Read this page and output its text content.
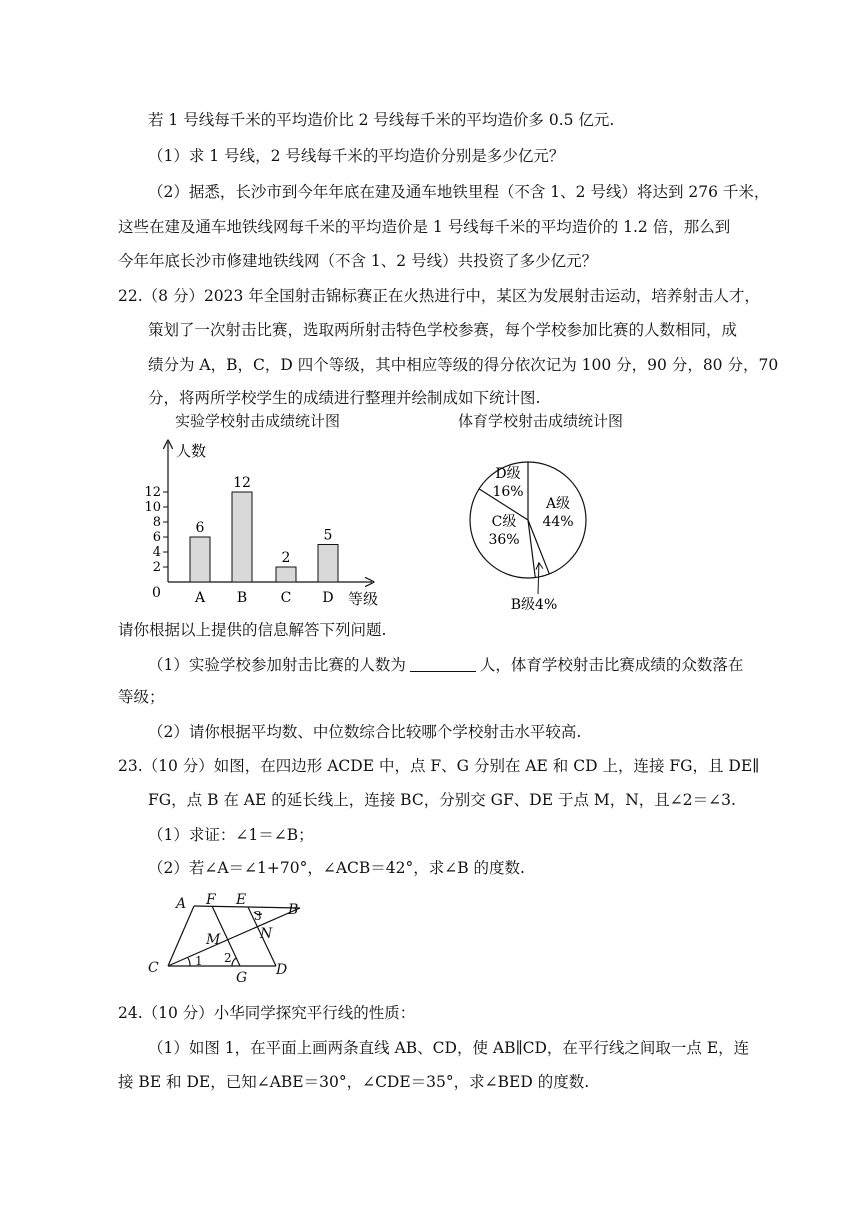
若 1 号线每千米的平均造价比 2 号线每千米的平均造价多 0.5 亿元.
（1）求 1 号线，2 号线每千米的平均造价分别是多少亿元？
（2）据悉，长沙市到今年年底在建及通车地铁里程（不含 1、2 号线）将达到 276 千米，
这些在建及通车地铁线网每千米的平均造价是 1 号线每千米的平均造价的 1.2 倍，那么到
今年年底长沙市修建地铁线网（不含 1、2 号线）共投资了多少亿元？
22.（8 分）2023 年全国射击锦标赛正在火热进行中，某区为发展射击运动，培养射击人才，
策划了一次射击比赛，选取两所射击特色学校参赛，每个学校参加比赛的人数相同，成
绩分为 A，B，C，D 四个等级，其中相应等级的得分依次记为 100 分，90 分，80 分，70
分，将两所学校学生的成绩进行整理并绘制成如下统计图.
实验学校射击成绩统计图	体育学校射击成绩统计图
人数
等级
0
2
4
6
8
10
12
6
A
12
B
2
C
5
D
A级
44%
C级
36%
D级
16%
B级4%
请你根据以上提供的信息解答下列问题.
（1）实验学校参加射击比赛的人数为	人，体育学校射击比赛成绩的众数落在
等级；
（2）请你根据平均数、中位数综合比较哪个学校射击水平较高.
23.（10 分）如图，在四边形 ACDE 中，点 F、G 分别在 AE 和 CD 上，连接 FG，且 DE∥
FG，点 B 在 AE 的延长线上，连接 BC，分别交 GF、DE 于点 M，N，且∠2＝∠3.
（1）求证：∠1＝∠B；
（2）若∠A＝∠1+70°，∠ACB＝42°，求∠B 的度数.
A F E
B
M	N
C
G D
1 2
3
24.（10 分）小华同学探究平行线的性质：
（1）如图 1，在平面上画两条直线 AB、CD，使 AB∥CD，在平行线之间取一点 E，连
接 BE 和 DE，已知∠ABE＝30°，∠CDE＝35°，求∠BED 的度数.
